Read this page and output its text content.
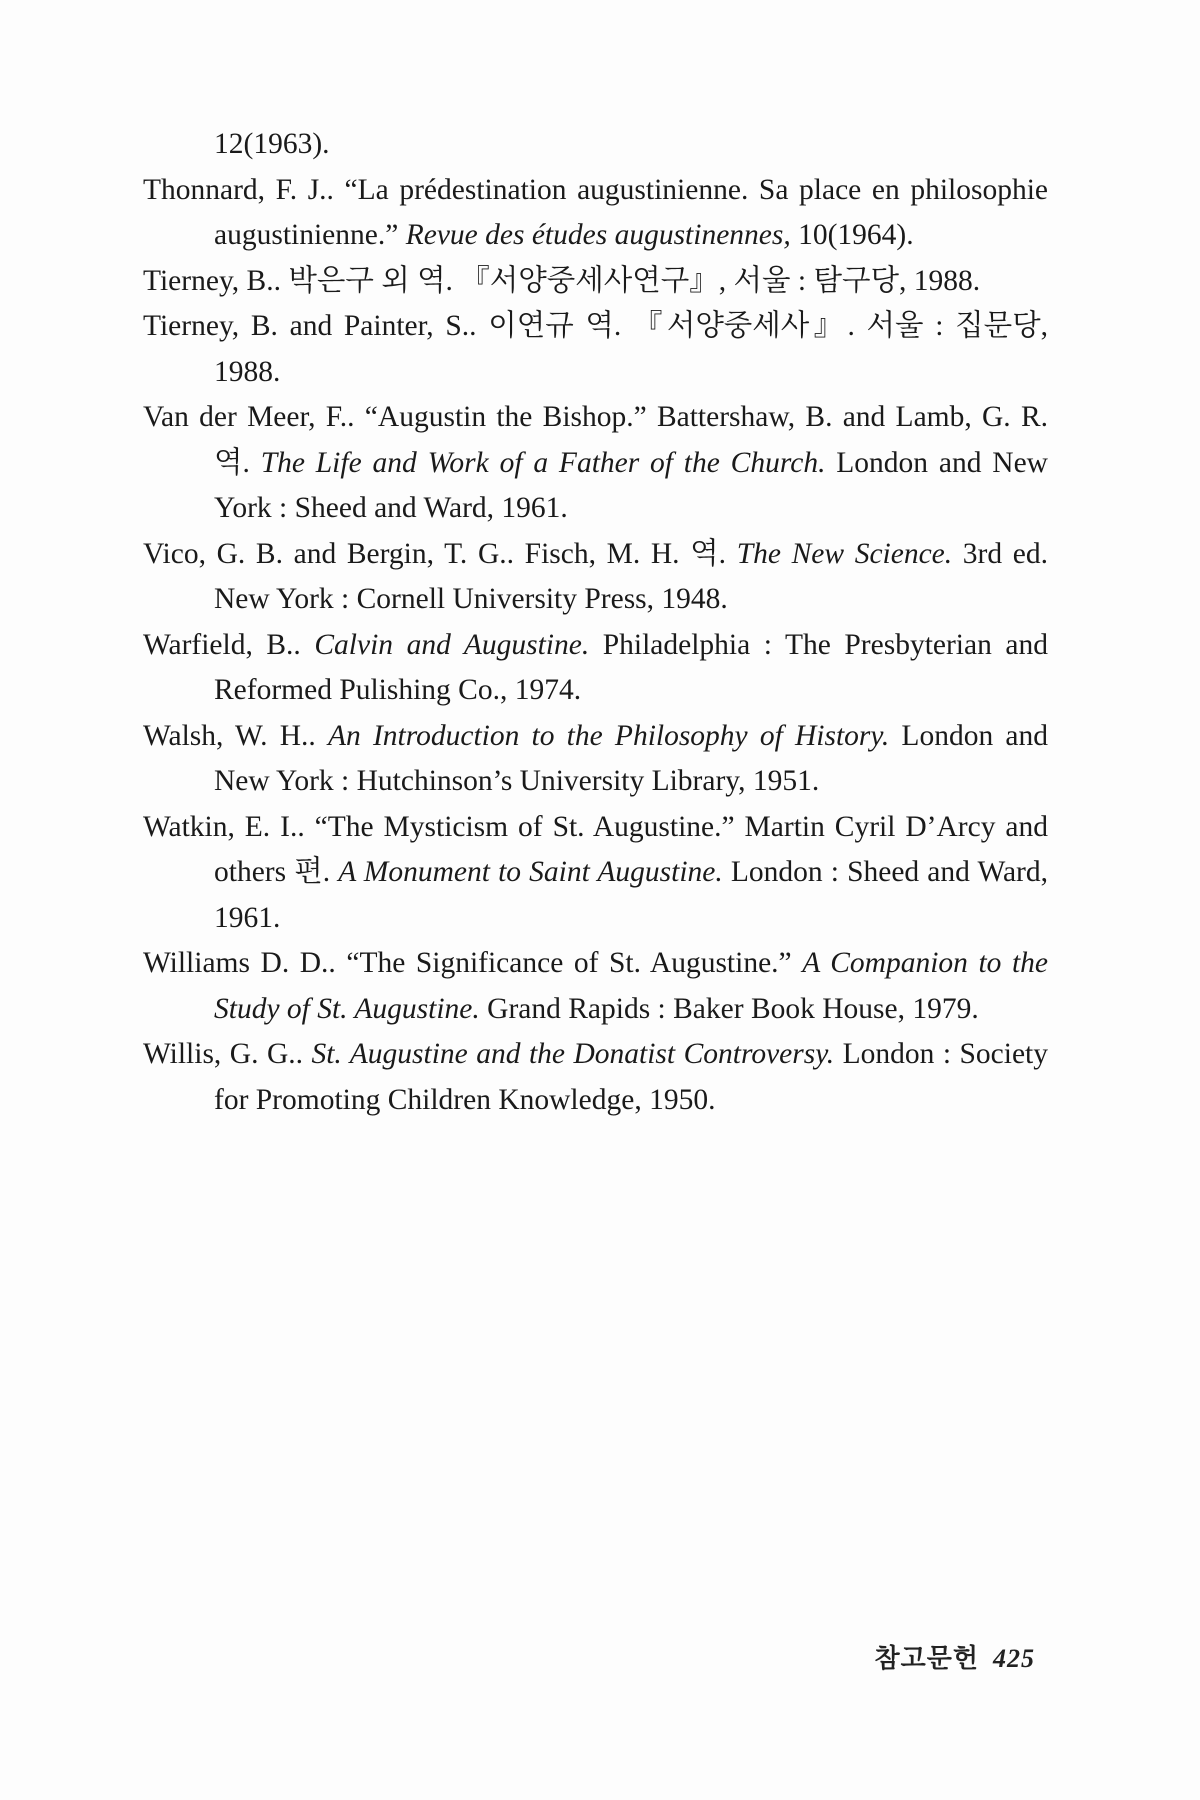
12(1963).

Thonnard, F. J.. “La prédestination augustinienne. Sa place en philosophie augustinienne.” Revue des études augustinennes, 10(1964).

Tierney, B.. 박은구 외 역. 『서양중세사연구』, 서울 : 탐구당, 1988.

Tierney, B. and Painter, S.. 이연규 역. 『서양중세사』. 서울 : 집문당, 1988.

Van der Meer, F.. “Augustin the Bishop.” Battershaw, B. and Lamb, G. R. 역. The Life and Work of a Father of the Church. London and New York : Sheed and Ward, 1961.

Vico, G. B. and Bergin, T. G.. Fisch, M. H. 역. The New Science. 3rd ed. New York : Cornell University Press, 1948.

Warfield, B.. Calvin and Augustine. Philadelphia : The Presbyterian and Reformed Pulishing Co., 1974.

Walsh, W. H.. An Introduction to the Philosophy of History. London and New York : Hutchinson’s University Library, 1951.

Watkin, E. I.. “The Mysticism of St. Augustine.” Martin Cyril D’Arcy and others 편. A Monument to Saint Augustine. London : Sheed and Ward, 1961.

Williams D. D.. “The Significance of St. Augustine.” A Companion to the Study of St. Augustine. Grand Rapids : Baker Book House, 1979.

Willis, G. G.. St. Augustine and the Donatist Controversy. London : Society for Promoting Children Knowledge, 1950.

참고문헌 425
